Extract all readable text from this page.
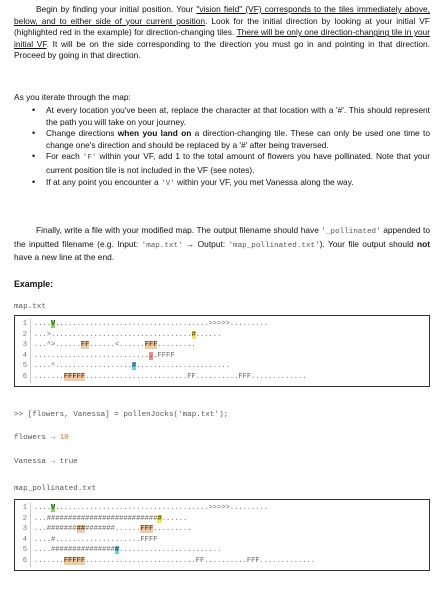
Begin by finding your initial position. Your "vision field" (VF) corresponds to the tiles immediately above, below, and to either side of your current position. Look for the initial direction by looking at your initial VF (highlighted red in the example) for direction-changing tiles. There will be only one direction-changing tile in your initial VF. It will be on the side corresponding to the direction you must go in and pointing in that direction. Proceed by going in that direction.
As you iterate through the map:
• At every location you've been at, replace the character at that location with a '#'. This should represent the path you will take on your journey.
• Change directions when you land on a direction-changing tile. These can only be used one time to change one's direction and should be replaced by a '#' after being traversed.
• For each 'F' within your VF, add 1 to the total amount of flowers you have pollinated. Note that your current position tile is not included in the VF (see notes).
• If at any point you encounter a 'V' within your VF, you met Vanessa along the way.
Finally, write a file with your modified map. The output filename should have '_pollinated' appended to the inputted filename (e.g. Input: 'map.txt' → Output: 'map_pollinated.txt'). Your file output should not have a new line at the end.
Example:
map.txt
1 ....V....................................>>>>>.........
2 ...>.................................#......
3 ...^>......FF......<......FFF.........
4 .............................FFFF
5 ....^..................#......................
6 .......FFFFF........................FF..........FFF.............
>> [flowers, Vanessa] = pollenJocks('map.txt');
flowers → 10
Vanessa → true
map_pollinated.txt
1 ....V....................................>>>>>.........
2 ...###########################......
3 ...################......FFF.........
4 ....#....................FFFF
5 ....################........................
6 .......FFFFF..........................FF..........FFF.............
